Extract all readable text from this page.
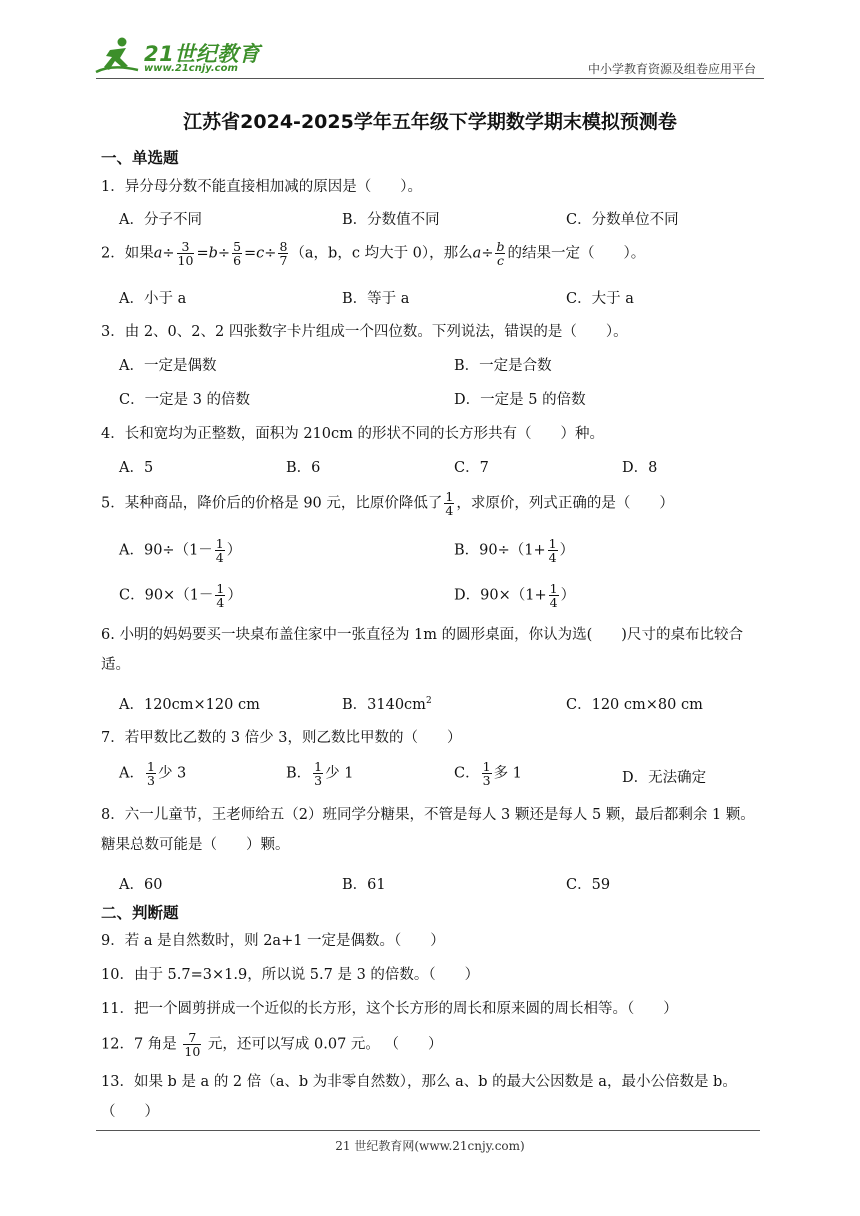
21世纪教育
www.21cnjy.com	中小学教育资源及组卷应用平台
江苏省2024-2025学年五年级下学期数学期末模拟预测卷
一、单选题
1．异分母分数不能直接相加减的原因是（　　）。
A．分子不同	B．分数值不同	C．分数单位不同
2．如果$a\div \frac{3}{10} =b\div \frac{5}{6} =c\div \frac{8}{7} (a$，b，c 均大于 0），那么$a\div \frac{b}{c}$ 的结果一定（　　）。
A．小于 a	B．等于 a	C．大于 a
3．由 2、0、2、2 四张数字卡片组成一个四位数。下列说法，错误的是（　　）。
A．一定是偶数	B．一定是合数
C．一定是 3 的倍数	D．一定是 5 的倍数
4．长和宽均为正整数，面积为 210cm 的形状不同的长方形共有（　　）种。
A．5	B．6	C．7	D．8
5．某种商品，降价后的价格是 90 元，比原价降低了 $\frac{1}{4}$ ，求原价，列式正确的是（　　）
A．$90\div(1- \frac{1}{4}$ ）	B．$90\div(1+ \frac{1}{4}$ ）
C．$90\times(1- \frac{1}{4}$ ）	D．$90\times(1+ \frac{1}{4}$ ）
6. 小明的妈妈要买一块桌布盖住家中一张直径为 1m 的圆形桌面，你认为选(　　)尺寸的桌布比较合适。
A．120cm×120 cm	B．$3140cm^2$	C．120 cm×80 cm
7．若甲数比乙数的 3 倍少 3，则乙数比甲数的（　　）
A． $\frac{1}{3}$ 少 3	B． $\frac{1}{3}$ 少 1	C． $\frac{1}{3}$ 多 1	D．无法确定
8．六一儿童节，王老师给五（2）班同学分糖果，不管是每人 3 颗还是每人 5 颗，最后都剩余 1 颗。糖果总数可能是（　　）颗。
A．60	B．61	C．59
二、判断题
9．若 a 是自然数时，则 2a+1 一定是偶数。（　　）
10．由于 5.7=3×1.9，所以说 5.7 是 3 的倍数。（　　）
11．把一个圆剪拼成一个近似的长方形，这个长方形的周长和原来圆的周长相等。（　　）
12．7 角是 $\frac{7}{10}$ 元，还可以写成 0.07 元。 （　　）
13．如果 b 是 a 的 2 倍（a、b 为非零自然数），那么 a、b 的最大公因数是 a，最小公倍数是 b。（　　）
21 世纪教育网(www.21cnjy.com)
